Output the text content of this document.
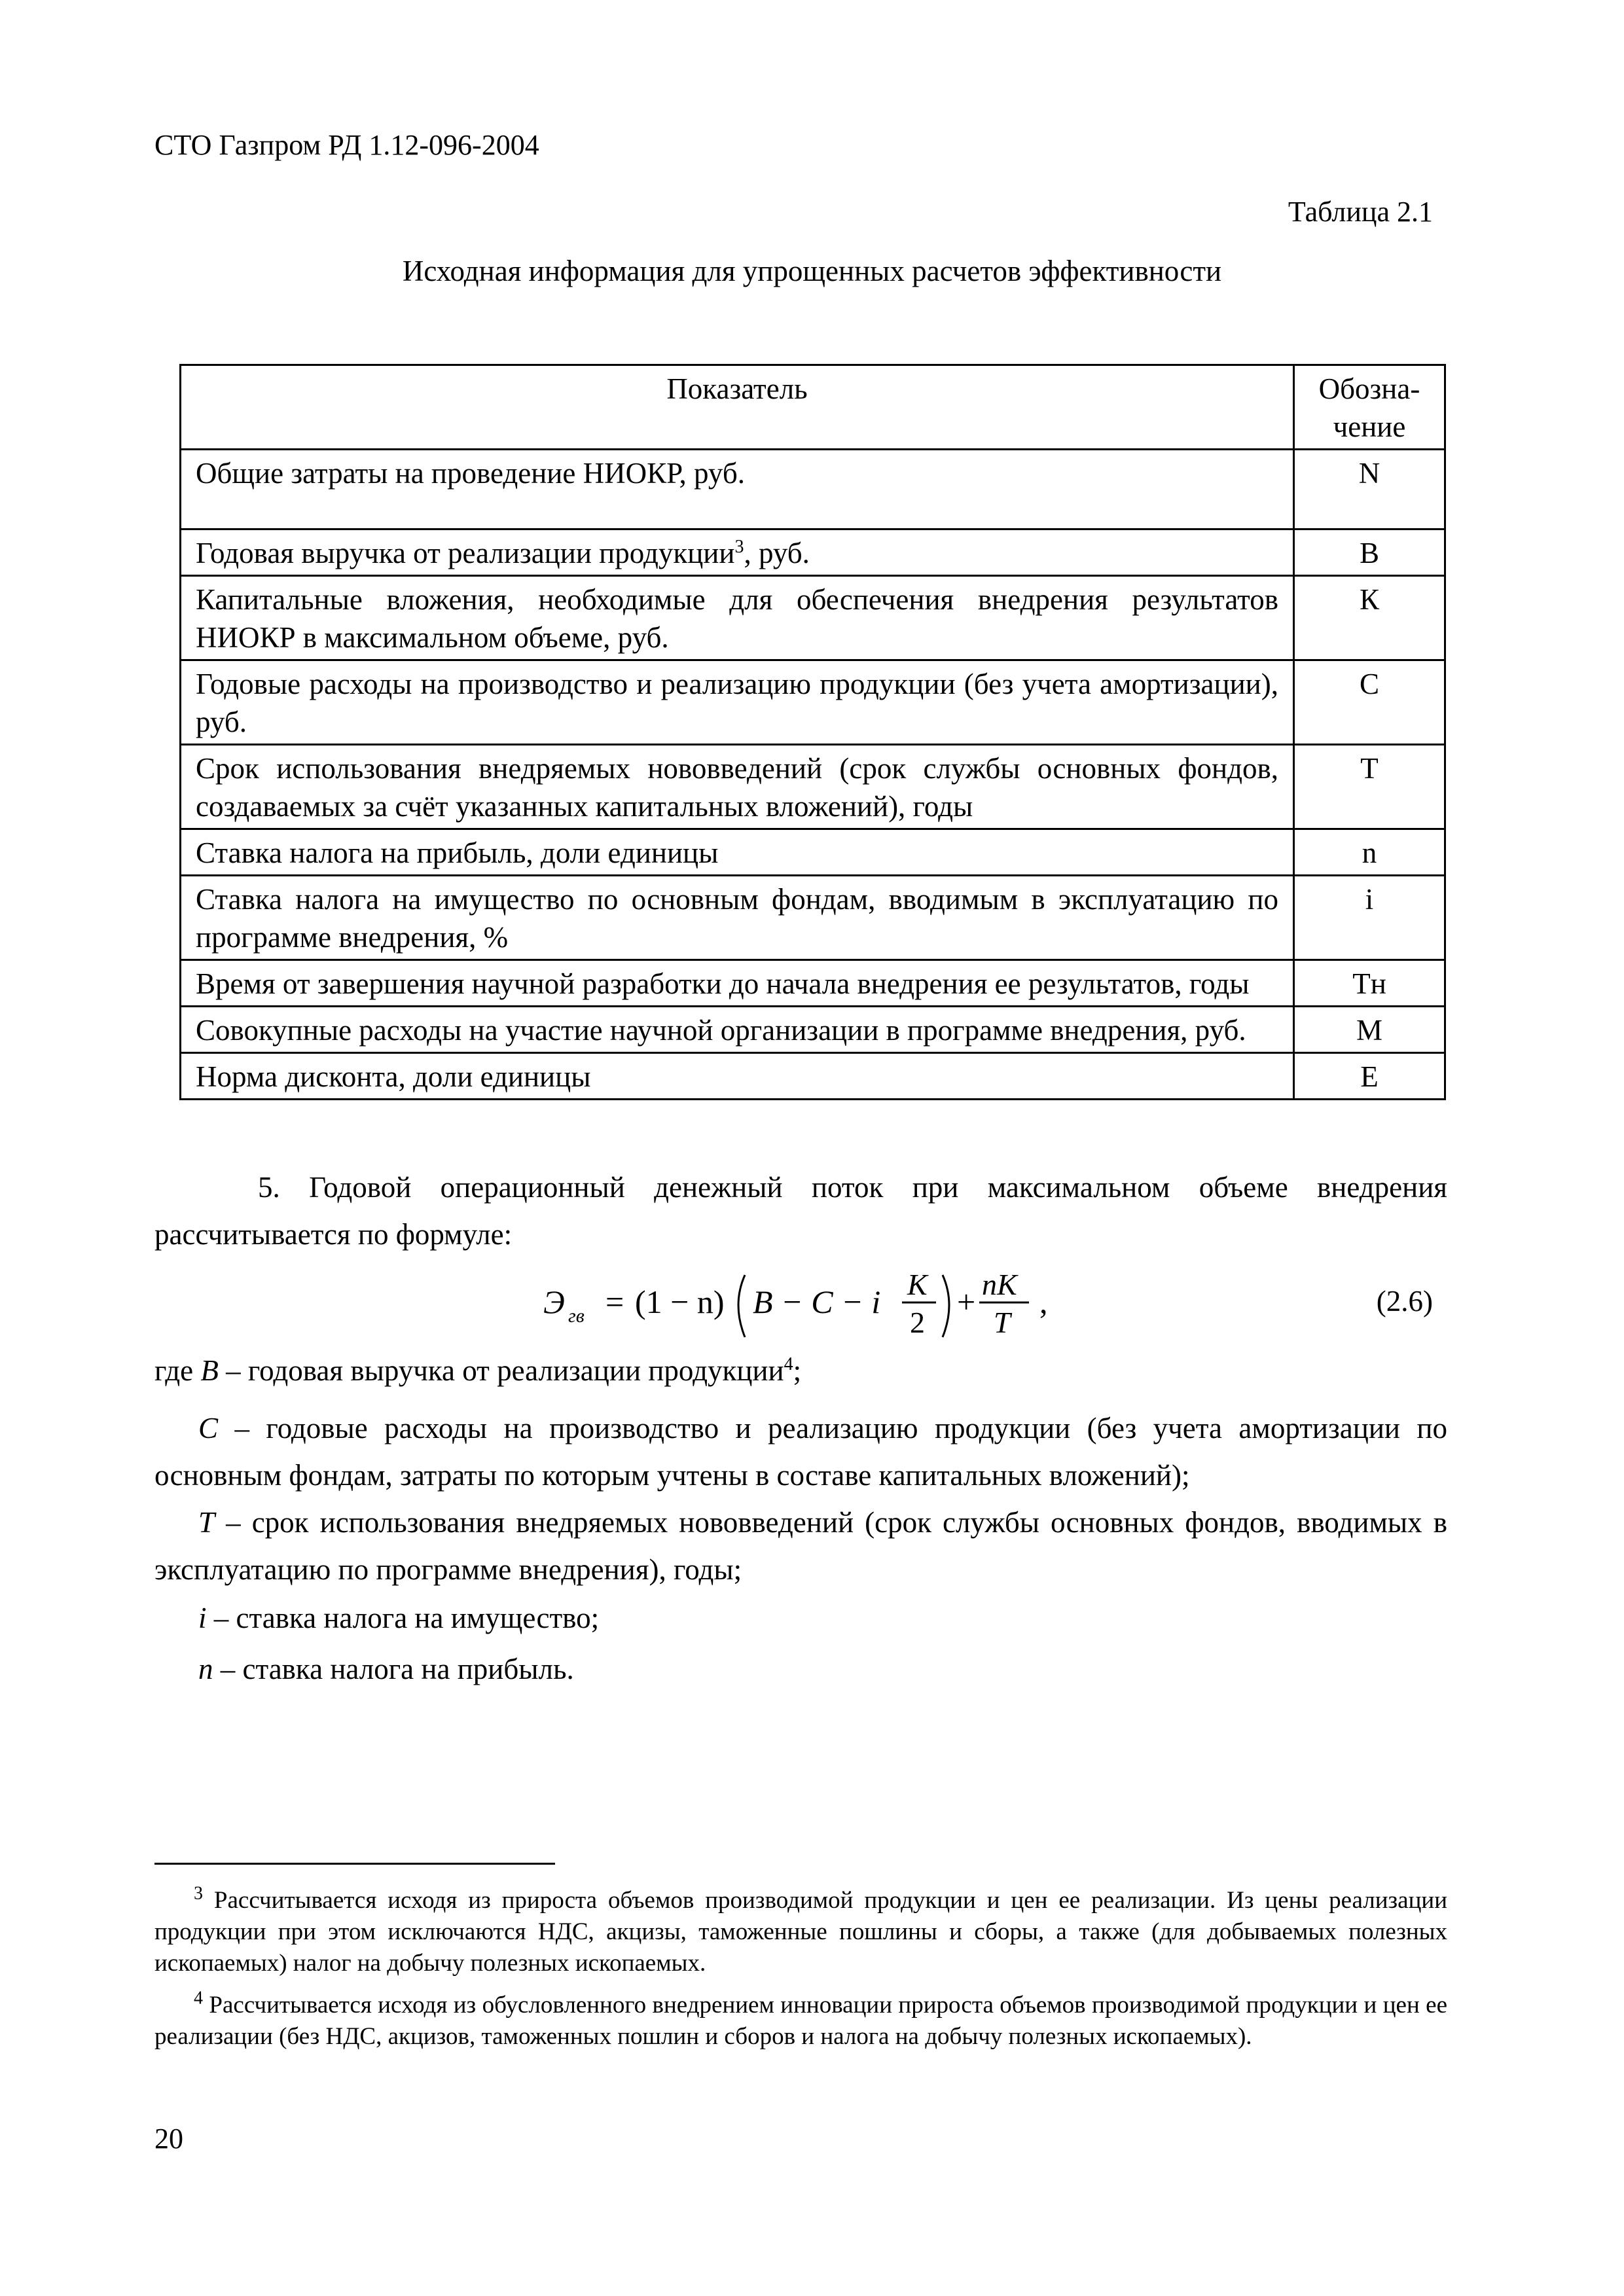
СТО Газпром РД 1.12-096-2004
Таблица 2.1
Исходная информация для упрощенных расчетов эффективности
Показатель	Обозна-
чение
Общие затраты на проведение НИОКР, руб.	N
Годовая выручка от реализации продукции$^3$, руб.	В
Капитальные вложения, необходимые для обеспечения внедрения результатов НИОКР в максимальном объеме, руб.	К
Годовые расходы на производство и реализацию продукции (без учета амортизации), руб.	С
Срок использования внедряемых нововведений (срок службы основных фондов, создаваемых за счёт указанных капитальных вложений), годы	Т
Ставка налога на прибыль, доли единицы	n
Ставка налога на имущество по основным фондам, вводимым в эксплуатацию по программе внедрения, %	i
Время от завершения научной разработки до начала внедрения ее результатов, годы	Тн
Совокупные расходы на участие научной организации в программе внедрения, руб.	М
Норма дисконта, доли единицы	Е
5. Годовой операционный денежный поток при максимальном объеме внедрения рассчитывается по формуле:
Э гв = (1 − n) B − C − i K
2
+ nK
T
,	(2.6)
где В – годовая выручка от реализации продукции$^4$;
С – годовые расходы на производство и реализацию продукции (без учета амортизации по основным фондам, затраты по которым учтены в составе капитальных вложений);
Т – срок использования внедряемых нововведений (срок службы основных фондов, вводимых в эксплуатацию по программе внедрения), годы;
i – ставка налога на имущество;
n – ставка налога на прибыль.
$^3$ Рассчитывается исходя из прироста объемов производимой продукции и цен ее реализации. Из цены реализации продукции при этом исключаются НДС, акцизы, таможенные пошлины и сборы, а также (для добываемых полезных ископаемых) налог на добычу полезных ископаемых.
$^4$ Рассчитывается исходя из обусловленного внедрением инновации прироста объемов производимой продукции и цен ее реализации (без НДС, акцизов, таможенных пошлин и сборов и налога на добычу полезных ископаемых).
20
